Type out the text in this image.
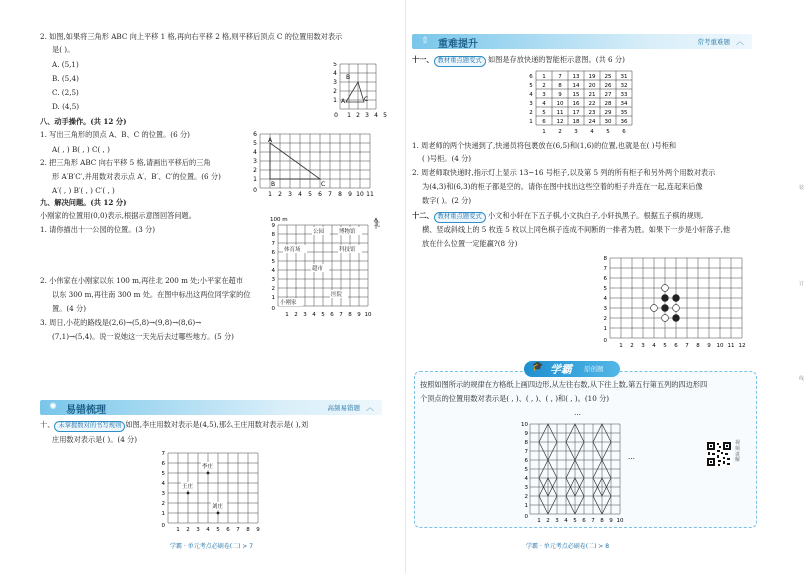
2. 如图,如果将三角形 ABC 向上平移 1 格,再向右平移 2 格,则平移后顶点 C 的位置用数对表示
是( )。
A. (5,1)
B. (5,4)
C. (2,5)
D. (4,5)
B
A	C
5
4
3
2
1
0 1 2 3 4 5
八、动手操作。(共 12 分)
1. 写出三角形的顶点 A、B、C 的位置。(6 分)
A( , ) B( , ) C( , )
2. 把三角形 ABC 向右平移 5 格,请画出平移后的三角
形 A′B′C′,并用数对表示点 A′、B′、C′的位置。(6 分)
A′( , ) B′( , ) C′( , )
A
B	C
6
5
4
3
2
1
0
1 2 3 4 5 6 7 8 9 10 11
九、解决问题。(共 12 分)
小刚家的位置用(0,0)表示,根据示意图回答问题。
1. 请你描出十一公园的位置。(3 分)
2. 小伟家在小刚家以东 100 m,再往北 200 m 处;小平家在超市
以东 300 m,再往南 300 m 处。在图中标出这两位同学家的位
置。(4 分)
3. 周日,小花的路线是(2,6)→(5,8)→(9,8)→(8,6)→
(7,1)→(5,4)。说一说她这一天先后去过哪些地方。(5 分)
100 m
北
公园	博物馆
体育场	科技馆
超市
医院
小刚家
9
8
7
6
5
4
3
2
1
0
1 2 3 4 5 6 7 8 9 10
✺ 易错梳理	高频易错题 ︿
十、 未掌握数对的书写规则 如图,李庄用数对表示是(4,5),那么王庄用数对表示是( ),刘
庄用数对表示是( )。(4 分)
李庄
王庄
刘庄
7
6
5
4
3
2
1
0
1 2 3 4 5 6 7 8 9
学霸 · 单元考点必刷卷(二) > 7
⇧ 重难提升	常考重难题 ︿
十一、 教材重点题变式 如图是存放快递的智能柜示意图。(共 6 分)
6 1 7 13 19 25 31
5 2 8 14 20 26 32
4 3 9 15 21 27 33
3 4 10 16 22 28 34
2 5 11 17 23 29 35
1 6 12 18 24 30 36
1 2 3 4 5 6
1. 周老师的两个快递到了,快递员将包裹放在(6,5)和(1,6)的位置,也就是在( )号柜和
( )号柜。(4 分)
2. 周老师取快递时,指示灯上显示 13~16 号柜子,以及第 5 列的所有柜子和另外两个用数对表示
为(4,3)和(6,3)的柜子都是空的。请你在图中找出这些空着的柜子并连在一起,连起来后像
数字( )。(2 分)
十二、 教材重点题变式 小文和小轩在下五子棋,小文执白子,小轩执黑子。根据五子棋的规则,
横、竖或斜线上的 5 枚连 5 枚以上同色棋子连成不间断的一排者为胜。如果下一步是小轩落子,他
放在什么位置一定能赢?(8 分)
8
7
6
5
4
3
2
1
0
1 2 3 4 5 6 7 8 9 10 11 12
🎓 学霸 原创题
按照如图所示的规律在方格纸上画四边形,从左往右数,从下往上数,第五行第五列的四边形四
个顶点的位置用数对表示是( , )、( , )、( , )和( , )。(10 分)
…
…
10
9
8
7
6
5
4
3
2
1
0
1 2 3 4 5 6 7 8 9 10
视频讲解
装
订
线
学霸 · 单元考点必刷卷(二) > 8
